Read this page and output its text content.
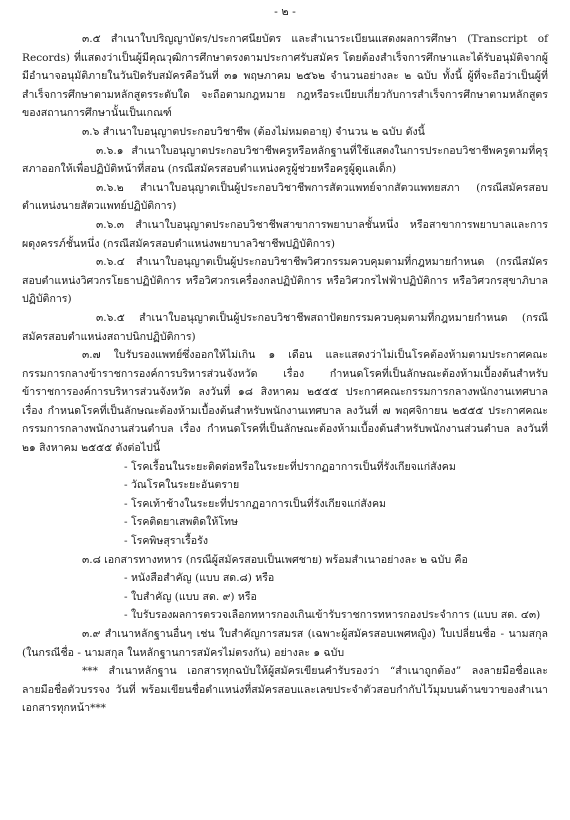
- ๒ -

๓.๕ สำเนาใบปริญญาบัตร/ประกาศนียบัตร และสำเนาระเบียนแสดงผลการศึกษา (Transcript of Records) ที่แสดงว่าเป็นผู้มีคุณวุฒิการศึกษาตรงตามประกาศรับสมัคร โดยต้องสำเร็จการศึกษาและได้รับอนุมัติจากผู้มีอำนาจอนุมัติภายในวันปิดรับสมัครคือวันที่ ๓๑ พฤษภาคม ๒๕๖๒ จำนวนอย่างละ ๒ ฉบับ ทั้งนี้ ผู้ที่จะถือว่าเป็นผู้ที่สำเร็จการศึกษาตามหลักสูตรระดับใด จะถือตามกฎหมาย กฎหรือระเบียบเกี่ยวกับการสำเร็จการศึกษาตามหลักสูตรของสถานการศึกษานั้นเป็นเกณฑ์

๓.๖ สำเนาใบอนุญาตประกอบวิชาชีพ (ต้องไม่หมดอายุ) จำนวน ๒ ฉบับ ดังนี้

๓.๖.๑ สำเนาใบอนุญาตประกอบวิชาชีพครูหรือหลักฐานที่ใช้แสดงในการประกอบวิชาชีพครูตามที่คุรุสภาออกให้เพื่อปฏิบัติหน้าที่สอน (กรณีสมัครสอบตำแหน่งครูผู้ช่วยหรือครูผู้ดูแลเด็ก)

๓.๖.๒ สำเนาใบอนุญาตเป็นผู้ประกอบวิชาชีพการสัตวแพทย์จากสัตวแพทยสภา (กรณีสมัครสอบตำแหน่งนายสัตวแพทย์ปฏิบัติการ)

๓.๖.๓ สำเนาใบอนุญาตประกอบวิชาชีพสาขาการพยาบาลชั้นหนึ่ง หรือสาขาการพยาบาลและการผดุงครรภ์ชั้นหนึ่ง (กรณีสมัครสอบตำแหน่งพยาบาลวิชาชีพปฏิบัติการ)

๓.๖.๔ สำเนาใบอนุญาตเป็นผู้ประกอบวิชาชีพวิศวกรรมควบคุมตามที่กฎหมายกำหนด (กรณีสมัครสอบตำแหน่งวิศวกรโยธาปฏิบัติการ หรือวิศวกรเครื่องกลปฏิบัติการ หรือวิศวกรไฟฟ้าปฏิบัติการ หรือวิศวกรสุขาภิบาลปฏิบัติการ)

๓.๖.๕ สำเนาใบอนุญาตเป็นผู้ประกอบวิชาชีพสถาปัตยกรรมควบคุมตามที่กฎหมายกำหนด (กรณีสมัครสอบตำแหน่งสถาปนิกปฏิบัติการ)

๓.๗ ใบรับรองแพทย์ซึ่งออกให้ไม่เกิน ๑ เดือน และแสดงว่าไม่เป็นโรคต้องห้ามตามประกาศคณะกรรมการกลางข้าราชการองค์การบริหารส่วนจังหวัด เรื่อง กำหนดโรคที่เป็นลักษณะต้องห้ามเบื้องต้นสำหรับข้าราชการองค์การบริหารส่วนจังหวัด ลงวันที่ ๑๘ สิงหาคม ๒๕๕๕ ประกาศคณะกรรมการกลางพนักงานเทศบาล เรื่อง กำหนดโรคที่เป็นลักษณะต้องห้ามเบื้องต้นสำหรับพนักงานเทศบาล ลงวันที่ ๗ พฤศจิกายน ๒๕๕๕ ประกาศคณะกรรมการกลางพนักงานส่วนตำบล เรื่อง กำหนดโรคที่เป็นลักษณะต้องห้ามเบื้องต้นสำหรับพนักงานส่วนตำบล ลงวันที่ ๒๑ สิงหาคม ๒๕๕๕ ดังต่อไปนี้

- โรคเรื้อนในระยะติดต่อหรือในระยะที่ปรากฏอาการเป็นที่รังเกียจแก่สังคม

- วัณโรคในระยะอันตราย

- โรคเท้าช้างในระยะที่ปรากฏอาการเป็นที่รังเกียจแก่สังคม

- โรคติดยาเสพติดให้โทษ

- โรคพิษสุราเรื้อรัง

๓.๘ เอกสารทางทหาร (กรณีผู้สมัครสอบเป็นเพศชาย) พร้อมสำเนาอย่างละ ๒ ฉบับ คือ

- หนังสือสำคัญ (แบบ สด.๘) หรือ

- ใบสำคัญ (แบบ สด. ๙) หรือ

- ใบรับรองผลการตรวจเลือกทหารกองเกินเข้ารับราชการทหารกองประจำการ (แบบ สด. ๔๓)

๓.๙ สำเนาหลักฐานอื่นๆ เช่น ใบสำคัญการสมรส (เฉพาะผู้สมัครสอบเพศหญิง) ใบเปลี่ยนชื่อ - นามสกุล (ในกรณีชื่อ - นามสกุล ในหลักฐานการสมัครไม่ตรงกัน) อย่างละ ๑ ฉบับ

*** สำเนาหลักฐาน เอกสารทุกฉบับให้ผู้สมัครเขียนคำรับรองว่า “สำเนาถูกต้อง” ลงลายมือชื่อและลายมือชื่อตัวบรรจง วันที่ พร้อมเขียนชื่อตำแหน่งที่สมัครสอบและเลขประจำตัวสอบกำกับไว้มุมบนด้านขวาของสำเนาเอกสารทุกหน้า***
